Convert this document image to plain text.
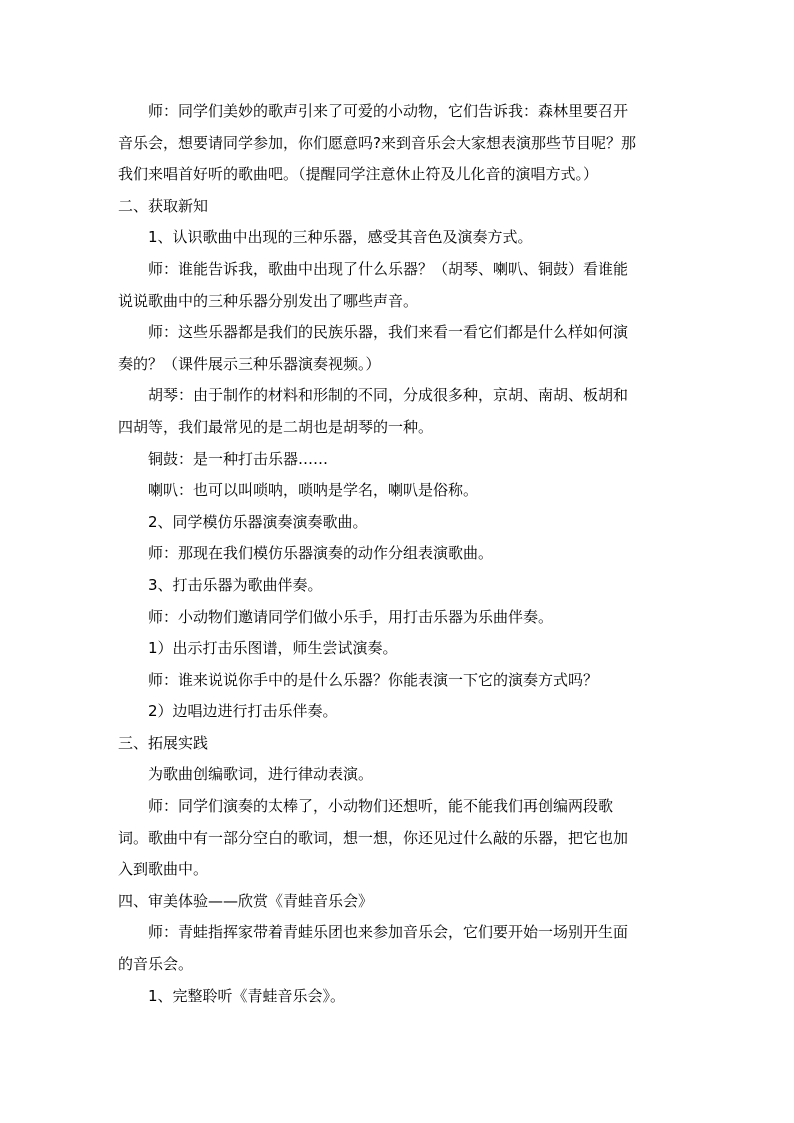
师：同学们美妙的歌声引来了可爱的小动物，它们告诉我：森林里要召开
音乐会，想要请同学参加，你们愿意吗?来到音乐会大家想表演那些节目呢？那
我们来唱首好听的歌曲吧。（提醒同学注意休止符及儿化音的演唱方式。）
二、获取新知
1、认识歌曲中出现的三种乐器，感受其音色及演奏方式。
师：谁能告诉我，歌曲中出现了什么乐器？（胡琴、喇叭、铜鼓）看谁能
说说歌曲中的三种乐器分别发出了哪些声音。
师：这些乐器都是我们的民族乐器，我们来看一看它们都是什么样如何演
奏的？（课件展示三种乐器演奏视频。）
胡琴：由于制作的材料和形制的不同，分成很多种，京胡、南胡、板胡和
四胡等，我们最常见的是二胡也是胡琴的一种。
铜鼓：是一种打击乐器……
喇叭：也可以叫唢呐，唢呐是学名，喇叭是俗称。
2、同学模仿乐器演奏演奏歌曲。
师：那现在我们模仿乐器演奏的动作分组表演歌曲。
3、打击乐器为歌曲伴奏。
师：小动物们邀请同学们做小乐手，用打击乐器为乐曲伴奏。
1）出示打击乐图谱，师生尝试演奏。
师：谁来说说你手中的是什么乐器？你能表演一下它的演奏方式吗？
2）边唱边进行打击乐伴奏。
三、拓展实践
为歌曲创编歌词，进行律动表演。
师：同学们演奏的太棒了，小动物们还想听，能不能我们再创编两段歌
词。歌曲中有一部分空白的歌词，想一想，你还见过什么敲的乐器，把它也加
入到歌曲中。
四、审美体验——欣赏《青蛙音乐会》
师：青蛙指挥家带着青蛙乐团也来参加音乐会，它们要开始一场别开生面
的音乐会。
1、完整聆听《青蛙音乐会》。
